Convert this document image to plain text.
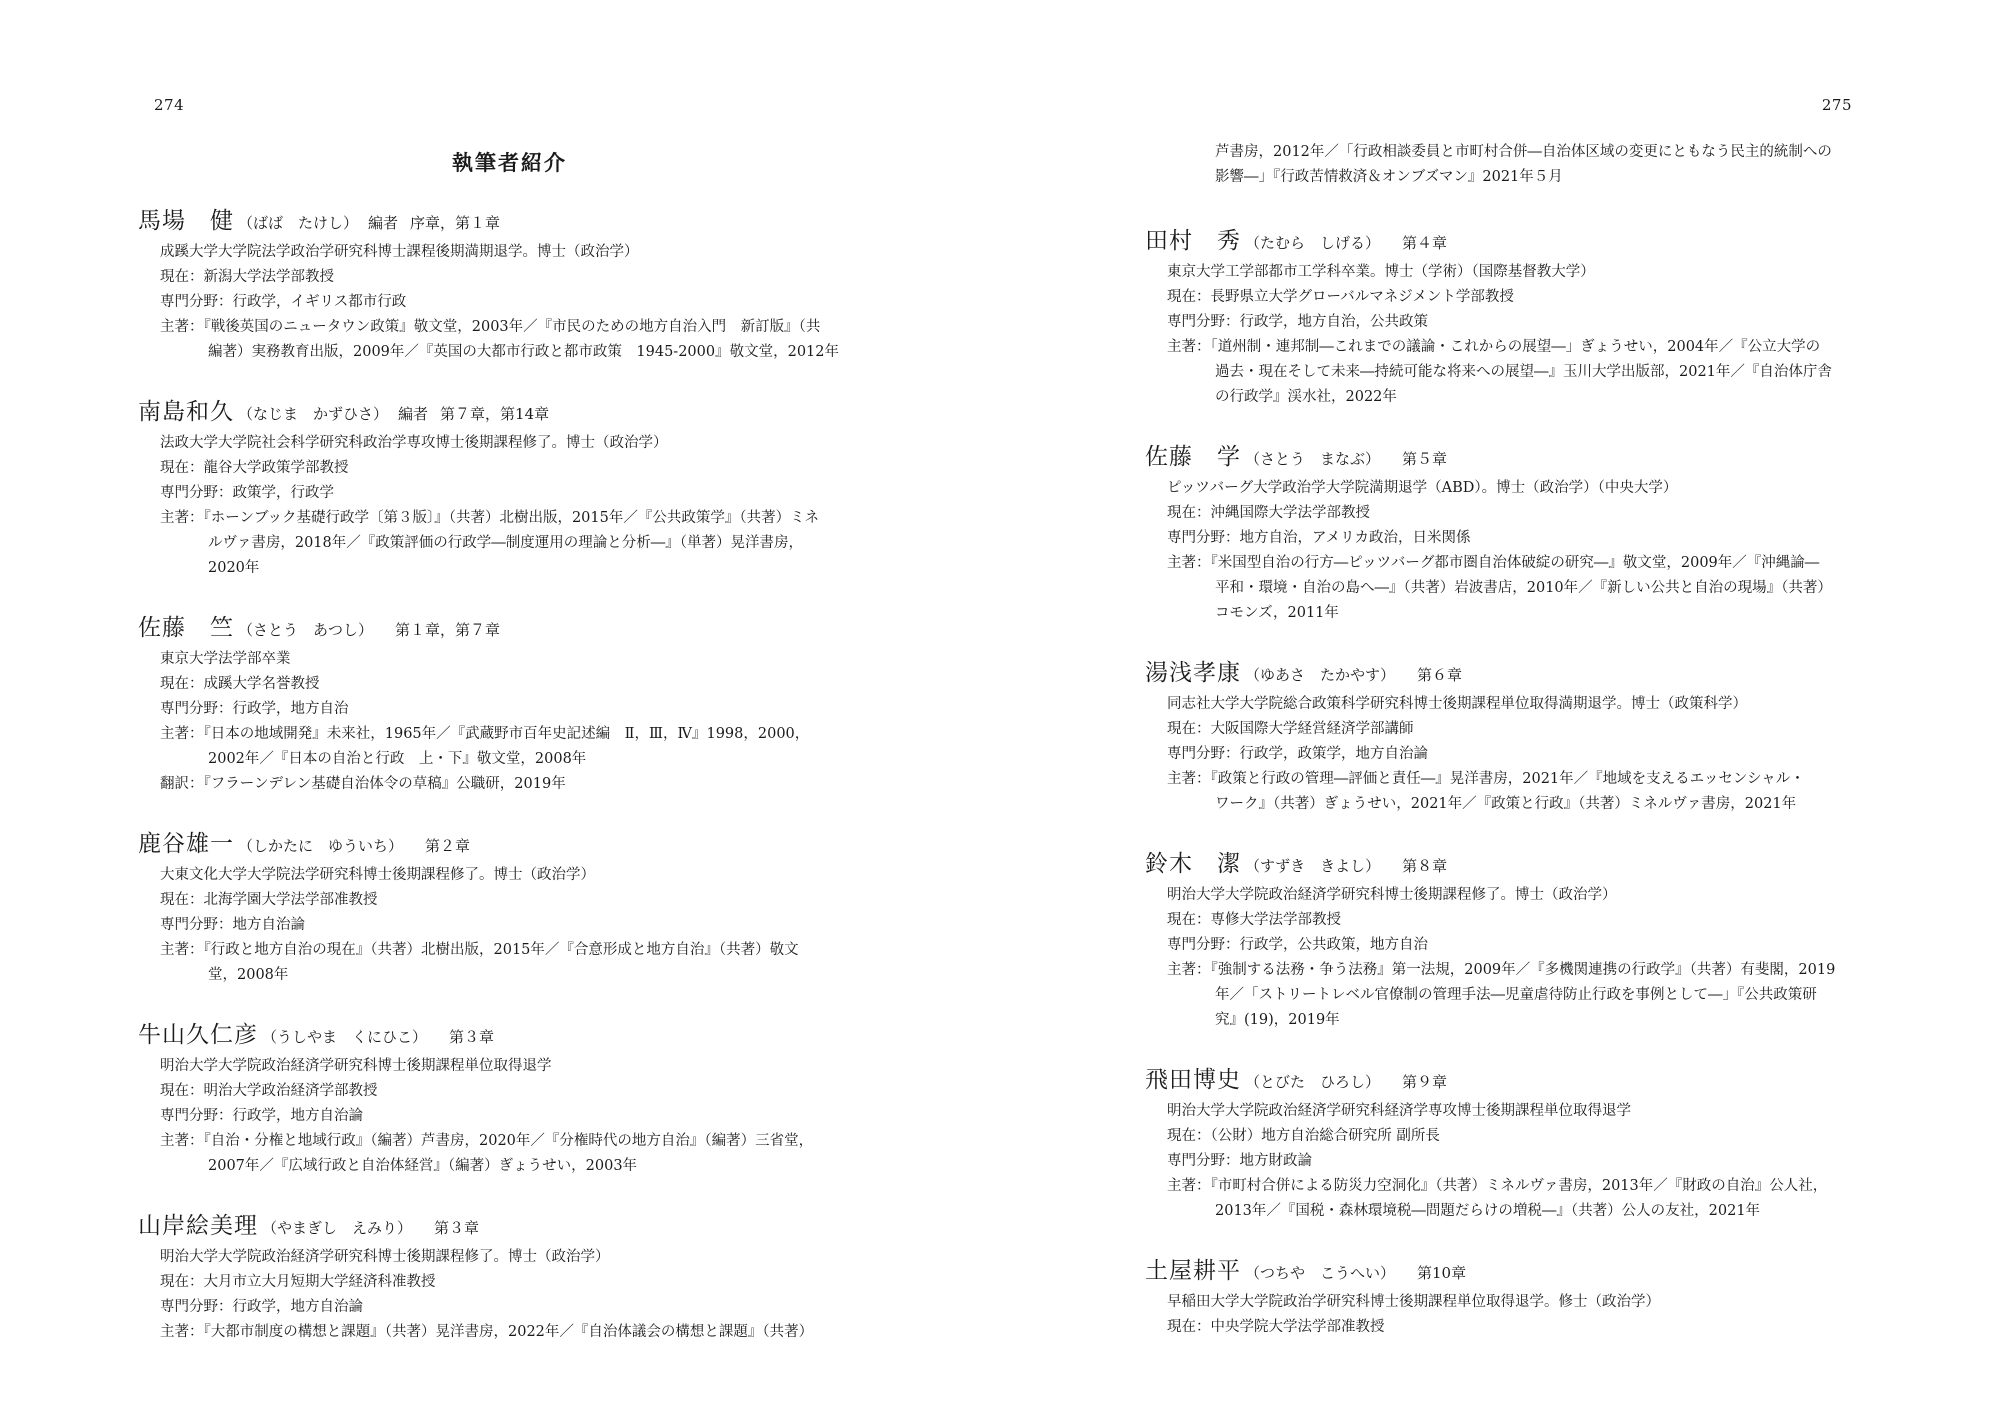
274
執筆者紹介
馬場　健 （ばば　たけし） 編者 序章，第１章
成蹊大学大学院法学政治学研究科博士課程後期満期退学。博士（政治学）
現在：新潟大学法学部教授
専門分野：行政学，イギリス都市行政
主著：『戦後英国のニュータウン政策』敬文堂，2003年／『市民のための地方自治入門　新訂版』（共
編著）実務教育出版，2009年／『英国の大都市行政と都市政策　1945-2000』敬文堂，2012年
南島和久 （なじま　かずひさ） 編者 第７章，第14章
法政大学大学院社会科学研究科政治学専攻博士後期課程修了。博士（政治学）
現在：龍谷大学政策学部教授
専門分野：政策学，行政学
主著：『ホーンブック基礎行政学〔第３版〕』（共著）北樹出版，2015年／『公共政策学』（共著）ミネ
ルヴァ書房，2018年／『政策評価の行政学―制度運用の理論と分析―』（単著）晃洋書房，
2020年
佐藤　竺 （さとう　あつし） 第１章，第７章
東京大学法学部卒業
現在：成蹊大学名誉教授
専門分野：行政学，地方自治
主著：『日本の地域開発』未来社，1965年／『武蔵野市百年史記述編　Ⅱ，Ⅲ，Ⅳ』1998，2000，
2002年／『日本の自治と行政　上・下』敬文堂，2008年
翻訳：『フラーンデレン基礎自治体令の草稿』公職研，2019年
鹿谷雄一 （しかたに　ゆういち） 第２章
大東文化大学大学院法学研究科博士後期課程修了。博士（政治学）
現在：北海学園大学法学部准教授
専門分野：地方自治論
主著：『行政と地方自治の現在』（共著）北樹出版，2015年／『合意形成と地方自治』（共著）敬文
堂，2008年
牛山久仁彦 （うしやま　くにひこ） 第３章
明治大学大学院政治経済学研究科博士後期課程単位取得退学
現在：明治大学政治経済学部教授
専門分野：行政学，地方自治論
主著：『自治・分権と地域行政』（編著）芦書房，2020年／『分権時代の地方自治』（編著）三省堂，
2007年／『広域行政と自治体経営』（編著）ぎょうせい，2003年
山岸絵美理 （やまぎし　えみり） 第３章
明治大学大学院政治経済学研究科博士後期課程修了。博士（政治学）
現在：大月市立大月短期大学経済科准教授
専門分野：行政学，地方自治論
主著：『大都市制度の構想と課題』（共著）晃洋書房，2022年／『自治体議会の構想と課題』（共著）
275
芦書房，2012年／「行政相談委員と市町村合併―自治体区域の変更にともなう民主的統制への
影響―」『行政苦情救済＆オンブズマン』2021年５月
田村　秀 （たむら　しげる） 第４章
東京大学工学部都市工学科卒業。博士（学術）（国際基督教大学）
現在：長野県立大学グローバルマネジメント学部教授
専門分野：行政学，地方自治，公共政策
主著：「道州制・連邦制―これまでの議論・これからの展望―」ぎょうせい，2004年／『公立大学の
過去・現在そして未来―持続可能な将来への展望―』玉川大学出版部，2021年／『自治体庁舎
の行政学』渓水社，2022年
佐藤　学 （さとう　まなぶ） 第５章
ピッツバーグ大学政治学大学院満期退学（ABD）。博士（政治学）（中央大学）
現在：沖縄国際大学法学部教授
専門分野：地方自治，アメリカ政治，日米関係
主著：『米国型自治の行方―ピッツバーグ都市圏自治体破綻の研究―』敬文堂，2009年／『沖縄論―
平和・環境・自治の島へ―』（共著）岩波書店，2010年／『新しい公共と自治の現場』（共著）
コモンズ，2011年
湯浅孝康 （ゆあさ　たかやす） 第６章
同志社大学大学院総合政策科学研究科博士後期課程単位取得満期退学。博士（政策科学）
現在：大阪国際大学経営経済学部講師
専門分野：行政学，政策学，地方自治論
主著：『政策と行政の管理―評価と責任―』晃洋書房，2021年／『地域を支えるエッセンシャル・
ワーク』（共著）ぎょうせい，2021年／『政策と行政』（共著）ミネルヴァ書房，2021年
鈴木　潔 （すずき　きよし） 第８章
明治大学大学院政治経済学研究科博士後期課程修了。博士（政治学）
現在：専修大学法学部教授
専門分野：行政学，公共政策，地方自治
主著：『強制する法務・争う法務』第一法規，2009年／『多機関連携の行政学』（共著）有斐閣，2019
年／「ストリートレベル官僚制の管理手法―児童虐待防止行政を事例として―」『公共政策研
究』(19)，2019年
飛田博史 （とびた　ひろし） 第９章
明治大学大学院政治経済学研究科経済学専攻博士後期課程単位取得退学
現在：（公財）地方自治総合研究所 副所長
専門分野：地方財政論
主著：『市町村合併による防災力空洞化』（共著）ミネルヴァ書房，2013年／『財政の自治』公人社，
2013年／『国税・森林環境税―問題だらけの増税―』（共著）公人の友社，2021年
土屋耕平 （つちや　こうへい） 第10章
早稲田大学大学院政治学研究科博士後期課程単位取得退学。修士（政治学）
現在：中央学院大学法学部准教授
